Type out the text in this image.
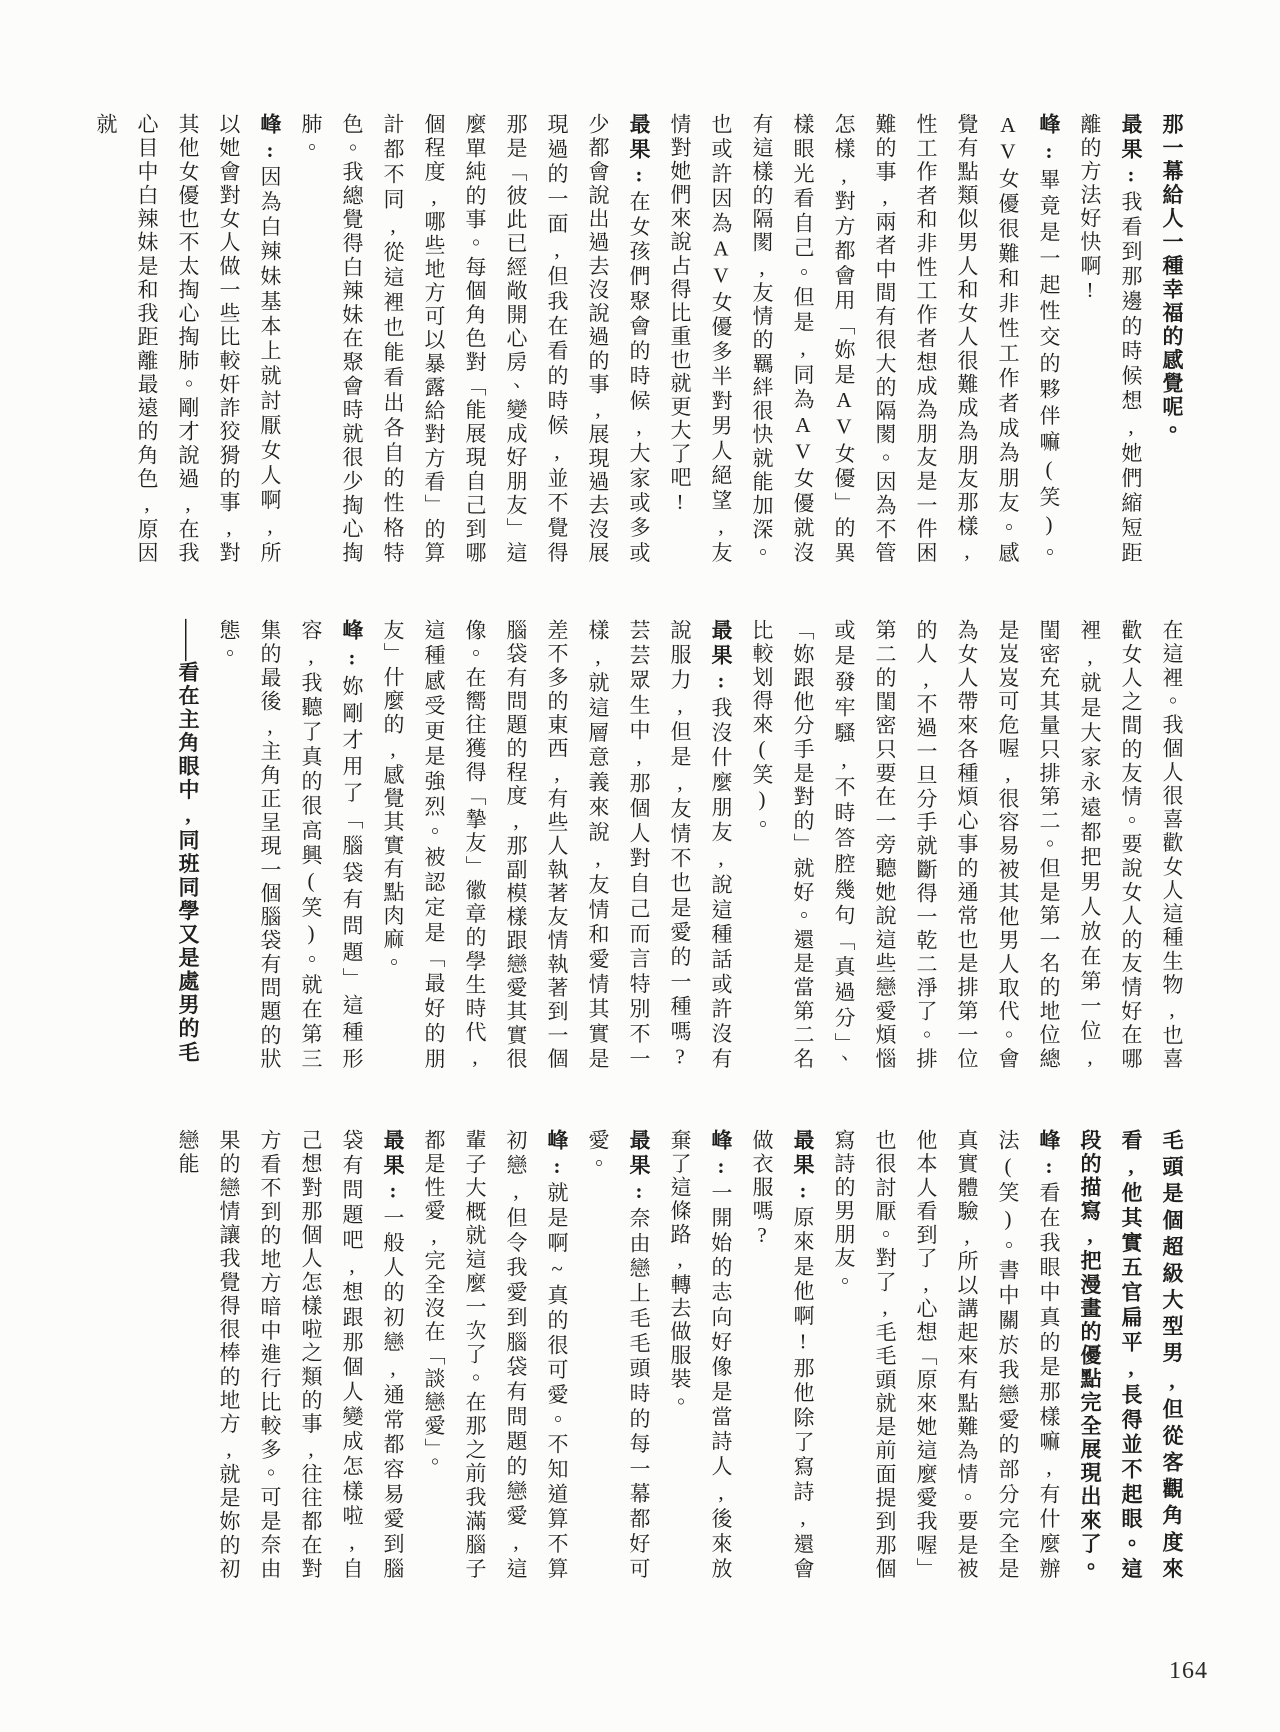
那一幕給人一種幸福的感覺呢。

最果:我看到那邊的時候想,她們縮短距離的方法好快啊!

峰:畢竟是一起性交的夥伴嘛(笑)。AV女優很難和非性工作者成為朋友。感覺有點類似男人和女人很難成為朋友那樣,性工作者和非性工作者想成為朋友是一件困難的事,兩者中間有很大的隔閡。因為不管怎樣,對方都會用「妳是AV女優」的異樣眼光看自己。但是,同為AV女優就沒有這樣的隔閡,友情的羈絆很快就能加深。也或許因為AV女優多半對男人絕望,友情對她們來說占得比重也就更大了吧!

最果:在女孩們聚會的時候,大家或多或少都會說出過去沒說過的事,展現過去沒展現過的一面,但我在看的時候,並不覺得那是「彼此已經敞開心房、變成好朋友」這麼單純的事。每個角色對「能展現自己到哪個程度,哪些地方可以暴露給對方看」的算計都不同,從這裡也能看出各自的性格特色。我總覺得白辣妹在聚會時就很少掏心掏肺。

峰:因為白辣妹基本上就討厭女人啊,所以她會對女人做一些比較奸詐狡猾的事,對其他女優也不太掏心掏肺。剛才說過,在我心目中白辣妹是和我距離最遠的角色,原因就

在這裡。我個人很喜歡女人這種生物,也喜歡女人之間的友情。要說女人的友情好在哪裡,就是大家永遠都把男人放在第一位,閨密充其量只排第二。但是第一名的地位總是岌岌可危喔,很容易被其他男人取代。會為女人帶來各種煩心事的通常也是排第一位的人,不過一旦分手就斷得一乾二淨了。排第二的閨密只要在一旁聽她說這些戀愛煩惱或是發牢騷,不時答腔幾句「真過分」、「妳跟他分手是對的」就好。還是當第二名比較划得來(笑)。

最果:我沒什麼朋友,說這種話或許沒有說服力,但是,友情不也是愛的一種嗎?芸芸眾生中,那個人對自己而言特別不一樣,就這層意義來說,友情和愛情其實是差不多的東西,有些人執著友情執著到一個腦袋有問題的程度,那副模樣跟戀愛其實很像。在嚮往獲得「摯友」徽章的學生時代,這種感受更是強烈。被認定是「最好的朋友」什麼的,感覺其實有點肉麻。

峰:妳剛才用了「腦袋有問題」這種形容,我聽了真的很高興(笑)。就在第三集的最後,主角正呈現一個腦袋有問題的狀態。

——看在主角眼中,同班同學又是處男的毛

毛頭是個超級大型男,但從客觀角度來看,他其實五官扁平,長得並不起眼。這段的描寫,把漫畫的優點完全展現出來了。

峰:看在我眼中真的是那樣嘛,有什麼辦法(笑)。書中關於我戀愛的部分完全是真實體驗,所以講起來有點難為情。要是被他本人看到了,心想「原來她這麼愛我喔」也很討厭。對了,毛毛頭就是前面提到那個寫詩的男朋友。

最果:原來是他啊!那他除了寫詩,還會做衣服嗎?

峰:一開始的志向好像是當詩人,後來放棄了這條路,轉去做服裝。

最果:奈由戀上毛毛頭時的每一幕都好可愛。

峰:就是啊~真的很可愛。不知道算不算初戀,但令我愛到腦袋有問題的戀愛,這輩子大概就這麼一次了。在那之前我滿腦子都是性愛,完全沒在「談戀愛」。

最果:一般人的初戀,通常都容易愛到腦袋有問題吧,想跟那個人變成怎樣啦,自己想對那個人怎樣啦之類的事,往往都在對方看不到的地方暗中進行比較多。可是奈由果的戀情讓我覺得很棒的地方,就是妳的初戀能

164
